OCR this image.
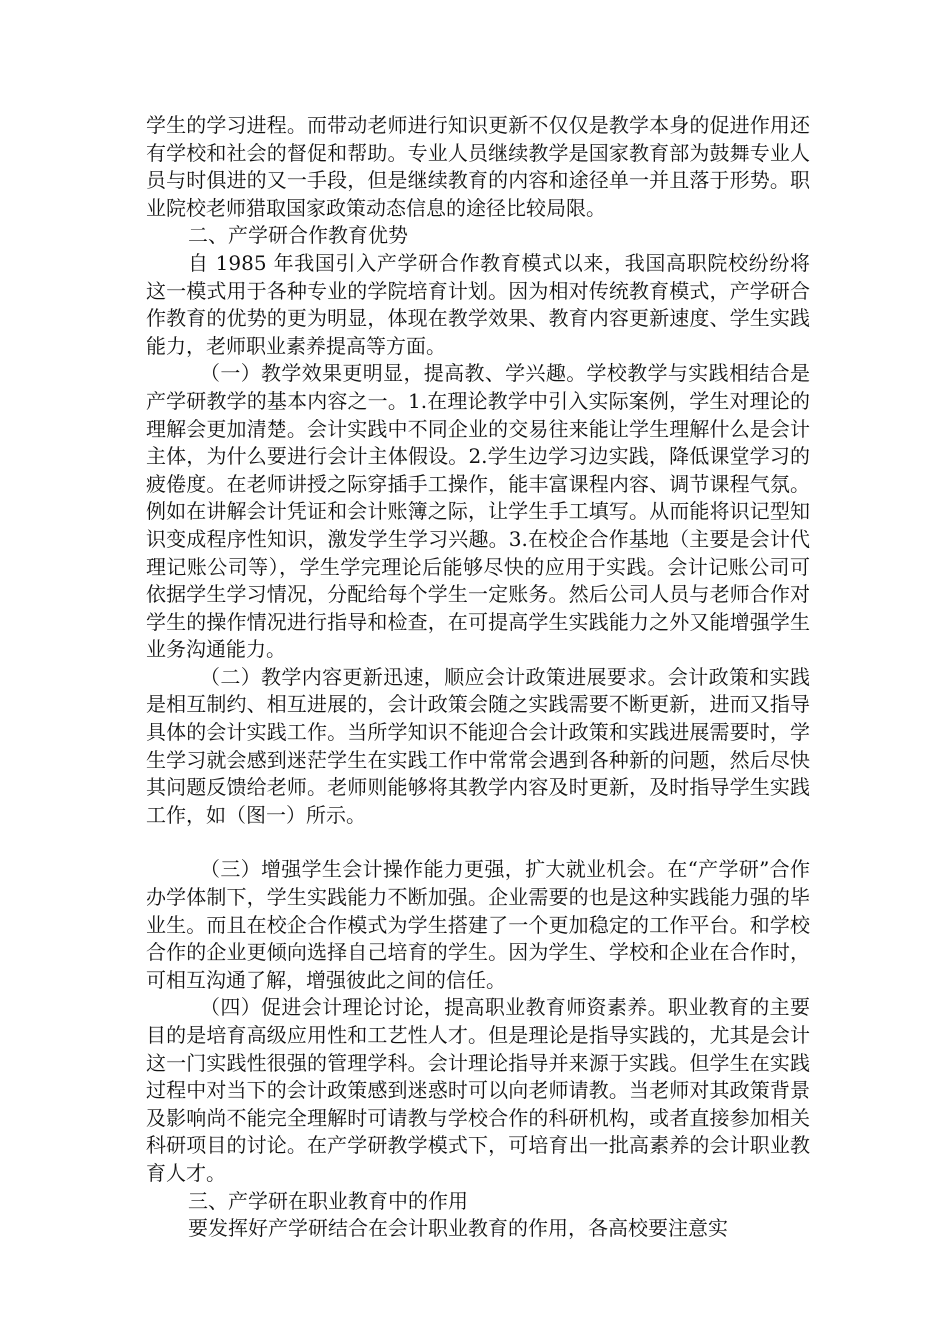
学生的学习进程。而带动老师进行知识更新不仅仅是教学本身的促进作用还有学校和社会的督促和帮助。专业人员继续教学是国家教育部为鼓舞专业人员与时俱进的又一手段，但是继续教育的内容和途径单一并且落于形势。职业院校老师猎取国家政策动态信息的途径比较局限。

二、产学研合作教育优势

自 1985 年我国引入产学研合作教育模式以来，我国高职院校纷纷将这一模式用于各种专业的学院培育计划。因为相对传统教育模式，产学研合作教育的优势的更为明显，体现在教学效果、教育内容更新速度、学生实践能力，老师职业素养提高等方面。

（一）教学效果更明显，提高教、学兴趣。学校教学与实践相结合是产学研教学的基本内容之一。1.在理论教学中引入实际案例，学生对理论的理解会更加清楚。会计实践中不同企业的交易往来能让学生理解什么是会计主体，为什么要进行会计主体假设。2.学生边学习边实践，降低课堂学习的疲倦度。在老师讲授之际穿插手工操作，能丰富课程内容、调节课程气氛。例如在讲解会计凭证和会计账簿之际，让学生手工填写。从而能将识记型知识变成程序性知识，激发学生学习兴趣。3.在校企合作基地（主要是会计代理记账公司等），学生学完理论后能够尽快的应用于实践。会计记账公司可依据学生学习情况，分配给每个学生一定账务。然后公司人员与老师合作对学生的操作情况进行指导和检查，在可提高学生实践能力之外又能增强学生业务沟通能力。

（二）教学内容更新迅速，顺应会计政策进展要求。会计政策和实践是相互制约、相互进展的，会计政策会随之实践需要不断更新，进而又指导具体的会计实践工作。当所学知识不能迎合会计政策和实践进展需要时，学生学习就会感到迷茫学生在实践工作中常常会遇到各种新的问题，然后尽快其问题反馈给老师。老师则能够将其教学内容及时更新，及时指导学生实践工作，如（图一）所示。

（三）增强学生会计操作能力更强，扩大就业机会。在“产学研”合作办学体制下，学生实践能力不断加强。企业需要的也是这种实践能力强的毕业生。而且在校企合作模式为学生搭建了一个更加稳定的工作平台。和学校合作的企业更倾向选择自己培育的学生。因为学生、学校和企业在合作时，可相互沟通了解，增强彼此之间的信任。

（四）促进会计理论讨论，提高职业教育师资素养。职业教育的主要目的是培育高级应用性和工艺性人才。但是理论是指导实践的，尤其是会计这一门实践性很强的管理学科。会计理论指导并来源于实践。但学生在实践过程中对当下的会计政策感到迷惑时可以向老师请教。当老师对其政策背景及影响尚不能完全理解时可请教与学校合作的科研机构，或者直接参加相关科研项目的讨论。在产学研教学模式下，可培育出一批高素养的会计职业教育人才。

三、产学研在职业教育中的作用

要发挥好产学研结合在会计职业教育的作用，各高校要注意实
